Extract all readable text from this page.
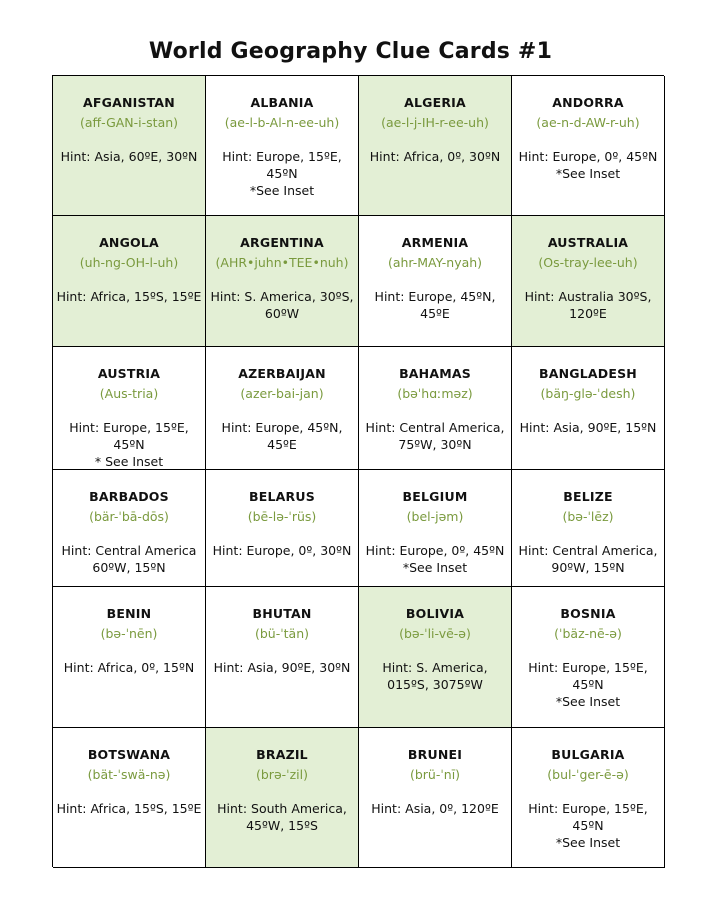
World Geography Clue Cards #1
AFGANISTAN
(aff-GAN-i-stan)
Hint: Asia, 60ºE, 30ºN
ALBANIA
(ae-l-b-Al-n-ee-uh)
Hint: Europe, 15ºE, 45ºN
*See Inset
ALGERIA
(ae-l-j-IH-r-ee-uh)
Hint: Africa, 0º, 30ºN
ANDORRA
(ae-n-d-AW-r-uh)
Hint: Europe, 0º, 45ºN
*See Inset
ANGOLA
(uh-ng-OH-l-uh)
Hint: Africa, 15ºS, 15ºE
ARGENTINA
(AHR•juhn•TEE•nuh)
Hint: S. America, 30ºS, 60ºW
ARMENIA
(ahr-MAY-nyah)
Hint: Europe, 45ºN, 45ºE
AUSTRALIA
(Os-tray-lee-uh)
Hint: Australia 30ºS, 120ºE
AUSTRIA
(Aus-tria)
Hint: Europe, 15ºE, 45ºN
* See Inset
AZERBAIJAN
(azer-bai-jan)
Hint: Europe, 45ºN, 45ºE
BAHAMAS
(bəˈhɑːməz)
Hint: Central America, 75ºW, 30ºN
BANGLADESH
(bäŋ-glə-ˈdesh)
Hint: Asia, 90ºE, 15ºN
BARBADOS
(bär-ˈbā-dōs)
Hint: Central America 60ºW, 15ºN
BELARUS
(bē-lə-ˈrüs)
Hint: Europe, 0º, 30ºN
BELGIUM
(bel-jəm)
Hint: Europe, 0º, 45ºN
*See Inset
BELIZE
(bə-ˈlēz)
Hint: Central America, 90ºW, 15ºN
BENIN
(bə-ˈnēn)
Hint: Africa, 0º, 15ºN
BHUTAN
(bü-ˈtän)
Hint: Asia, 90ºE, 30ºN
BOLIVIA
(bə-ˈli-vē-ə)
Hint: S. America, 015ºS, 3075ºW
BOSNIA
(ˈbäz-nē-ə)
Hint: Europe, 15ºE, 45ºN
*See Inset
BOTSWANA
(bät-ˈswä-nə)
Hint: Africa, 15ºS, 15ºE
BRAZIL
(brə-ˈzil)
Hint: South America, 45ºW, 15ºS
BRUNEI
(brü-ˈnī)
Hint: Asia, 0º, 120ºE
BULGARIA
(bul-ˈger-ē-ə)
Hint: Europe, 15ºE, 45ºN
*See Inset
